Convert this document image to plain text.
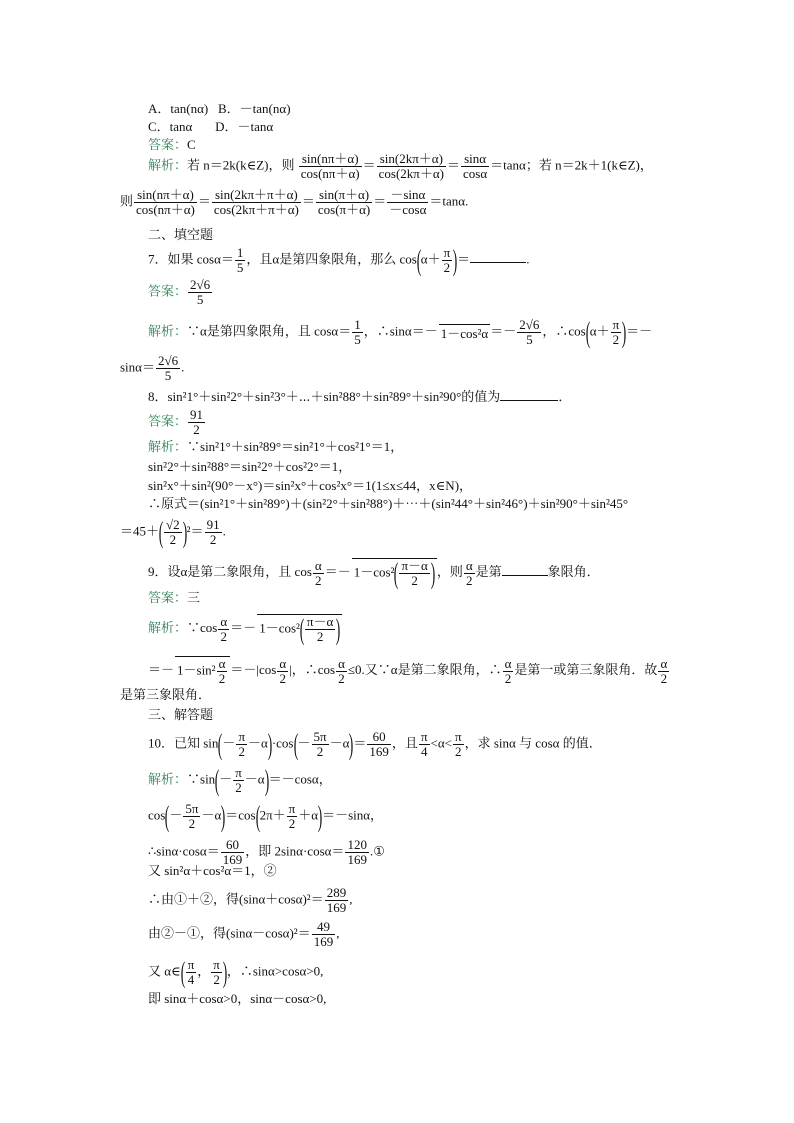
A．tan(nα) B．－tan(nα)
C．tanα D．－tanα
答案：C
解析：若 n＝2k(k∈Z)，则 $\frac{\sin(n\pi+\alpha)}{\cos(n\pi+\alpha)} = \frac{\sin(2k\pi+\alpha)}{\cos(2k\pi+\alpha)} = \frac{\sin\alpha}{\cos\alpha} =\tan\alpha$；若 n＝2k＋1(k∈Z)，
则 $\frac{\sin(n\pi+\alpha)}{\cos(n\pi+\alpha)} = \frac{\sin(2k\pi+\pi+\alpha)}{\cos(2k\pi+\pi+\alpha)} = \frac{\sin(\pi+\alpha)}{\cos(\pi+\alpha)} = \frac{-\sin\alpha}{-\cos\alpha} =\tan\alpha$.
二、填空题
7．如果 $\cos\alpha= \frac{1}{5}$ ，且α是第四象限角，那么 $\cos(\alpha+ \frac{\pi}{2}$ )＝	.
答案： $\frac{2√6}{5}$
解析：∵α是第四象限角，且 $\cos\alpha= \frac{1}{5}$ ，∴sinα＝－ $1-\cos^2\alpha =- \frac{2√6}{5}$ ，∴cos(α＋ $\frac{\pi}{2}$ )＝－
$\sin\alpha= \frac{2√6}{5}$ .
8．sin²1°＋sin²2°＋sin²3°＋⋯＋sin²88°＋sin²89°＋sin²90°的值为	．
答案： $\frac{91}{2}$
解析：∵sin²1°＋sin²89°＝sin²1°＋cos²1°＝1，
sin²2°＋sin²88°＝sin²2°＋cos²2°＝1，
sin²x°＋sin²(90°－x°)＝sin²x°＋cos²x°＝1(1≤x≤44，x∈N)，
∴原式＝(sin²1°＋sin²89°)＋(sin²2°＋sin²88°)＋⋯＋(sin²44°＋sin²46°)＋sin²90°＋sin²45°
$=45+( \frac{√2}{2} )^2= \frac{91}{2}$ .
9．设α是第二象限角，且 $\cos \frac{\alpha}{2} =- 1-\cos^2( \frac{\pi-\alpha}{2}$ ) ，则 $\frac{\alpha}{2}$ 是第	象限角．
答案：三
解析：∵cos $\frac{\alpha}{2} =- 1-\cos^2( \frac{\pi-\alpha}{2}$ )
＝－ $1-\sin^2 \frac{\alpha}{2} =-|\cos \frac{\alpha}{2}$ |，∴cos $\frac{\alpha}{2} \le 0$.又∵α是第二象限角，∴ $\frac{\alpha}{2}$ 是第一或第三象限角．故 $\frac{\alpha}{2}$
是第三象限角．
三、解答题
10．已知 $\sin(- \frac{\pi}{2} -\alpha)\cdot\cos(- \frac{5\pi}{2} -\alpha)= \frac{60}{169}$ ，且 $\frac{\pi}{4} <\alpha< \frac{\pi}{2}$ ，求 sinα 与 cosα 的值．
解析：∵sin(－ $\frac{\pi}{2} -\alpha)=-\cos\alpha$，
$\cos(- \frac{5\pi}{2} -\alpha)=\cos(2\pi+ \frac{\pi}{2} +\alpha)=-\sin\alpha$，
∴sinα·cosα＝ $\frac{60}{169}$ ，即 $2\sin\alpha\cdot\cos\alpha= \frac{120}{169}$ .①
又 sin²α＋cos²α＝1，②
∴由①＋②，得$(\sin\alpha+\cos\alpha)^2= \frac{289}{169}$ ,
由②－①，得$(\sin\alpha-\cos\alpha)^2= \frac{49}{169}$ ,
又 α∈( $\frac{\pi}{4}$ ， $\frac{\pi}{2}$ )，∴sinα>cosα>0,
即 sinα＋cosα>0，sinα－cosα>0,
